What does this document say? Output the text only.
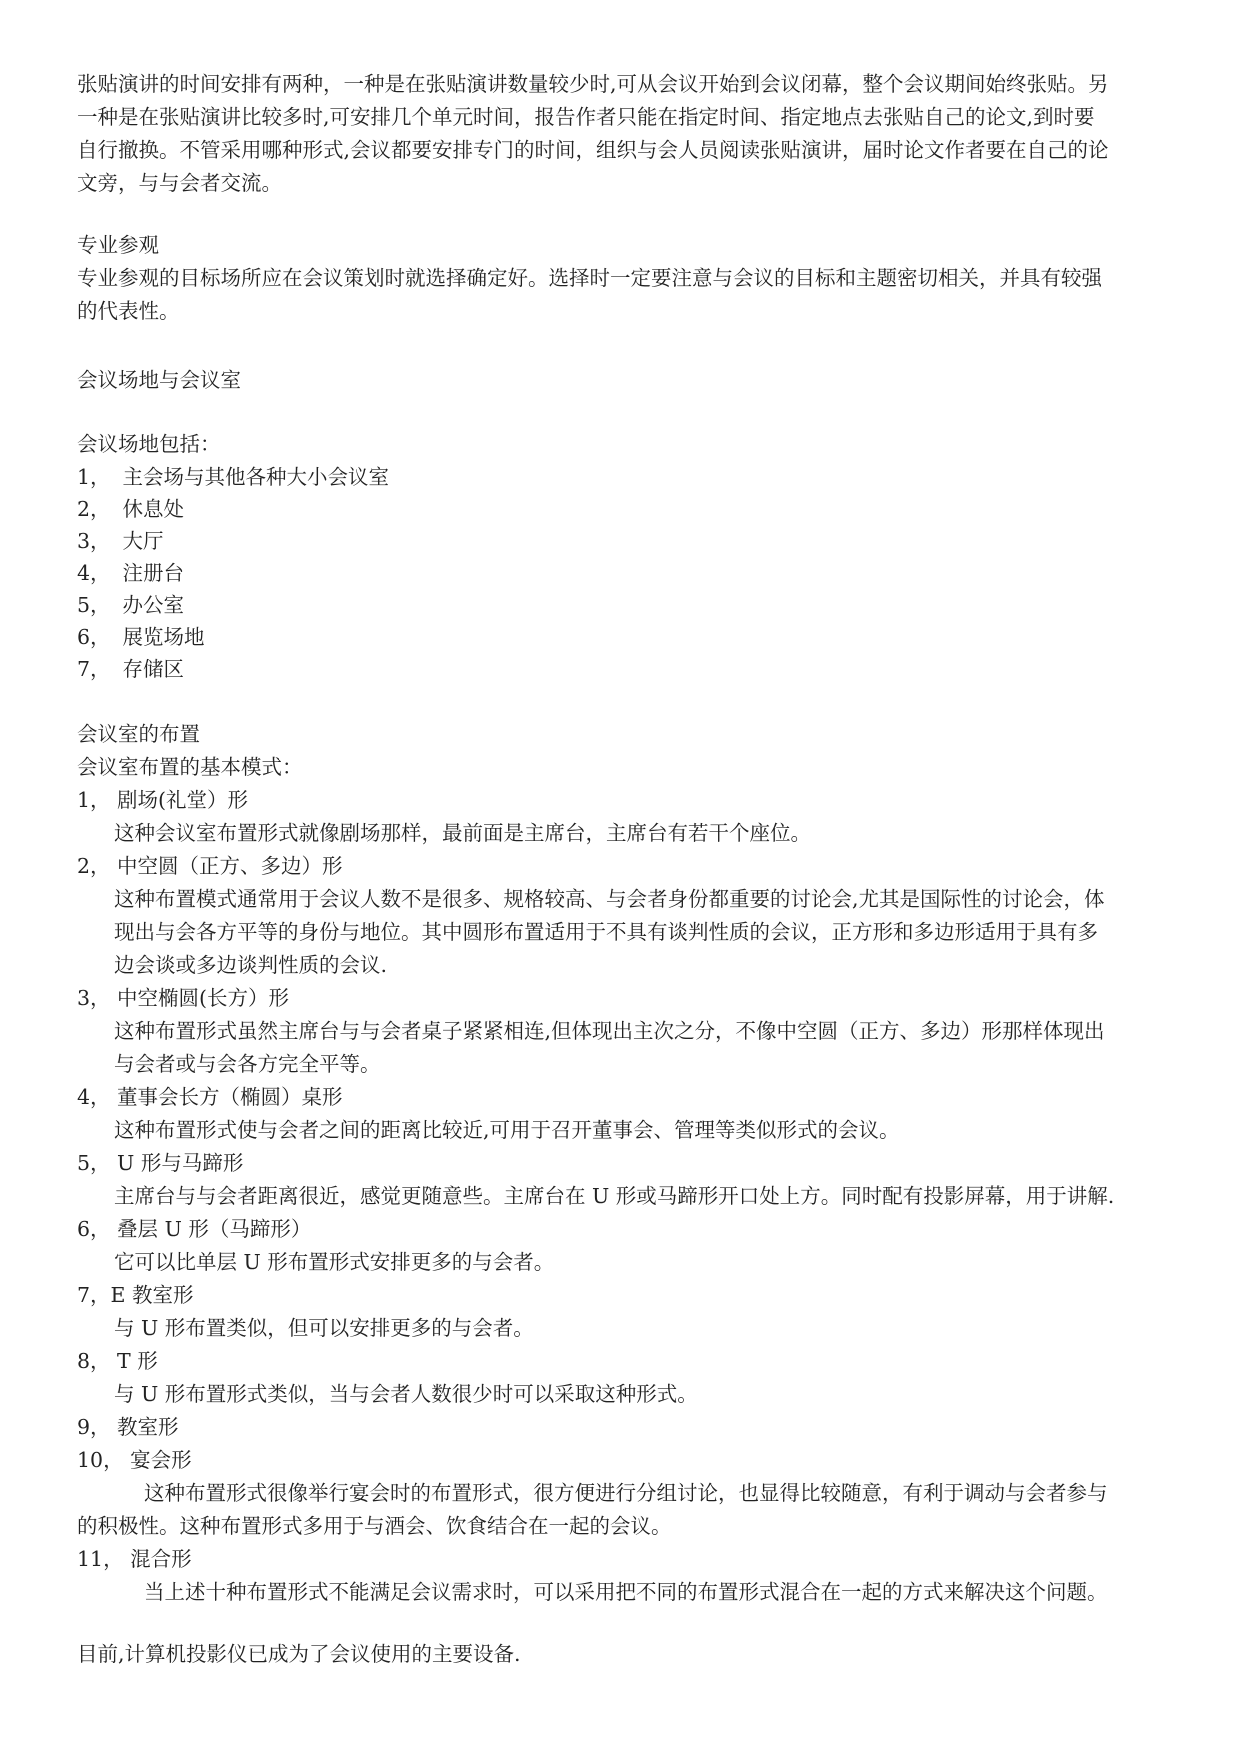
张贴演讲的时间安排有两种，一种是在张贴演讲数量较少时,可从会议开始到会议闭幕，整个会议期间始终张贴。另
一种是在张贴演讲比较多时,可安排几个单元时间，报告作者只能在指定时间、指定地点去张贴自己的论文,到时要
自行撤换。不管采用哪种形式,会议都要安排专门的时间，组织与会人员阅读张贴演讲，届时论文作者要在自己的论
文旁，与与会者交流。
专业参观
专业参观的目标场所应在会议策划时就选择确定好。选择时一定要注意与会议的目标和主题密切相关，并具有较强
的代表性。
会议场地与会议室
会议场地包括：
1， 主会场与其他各种大小会议室
2， 休息处
3， 大厅
4， 注册台
5， 办公室
6， 展览场地
7， 存储区
会议室的布置
会议室布置的基本模式：
1， 剧场(礼堂）形
这种会议室布置形式就像剧场那样，最前面是主席台，主席台有若干个座位。
2， 中空圆（正方、多边）形
这种布置模式通常用于会议人数不是很多、规格较高、与会者身份都重要的讨论会,尤其是国际性的讨论会，体
现出与会各方平等的身份与地位。其中圆形布置适用于不具有谈判性质的会议，正方形和多边形适用于具有多
边会谈或多边谈判性质的会议.
3， 中空椭圆(长方）形
这种布置形式虽然主席台与与会者桌子紧紧相连,但体现出主次之分，不像中空圆（正方、多边）形那样体现出
与会者或与会各方完全平等。
4， 董事会长方（椭圆）桌形
这种布置形式使与会者之间的距离比较近,可用于召开董事会、管理等类似形式的会议。
5， U 形与马蹄形
主席台与与会者距离很近，感觉更随意些。主席台在 U 形或马蹄形开口处上方。同时配有投影屏幕，用于讲解.
6， 叠层 U 形（马蹄形）
它可以比单层 U 形布置形式安排更多的与会者。
7，E 教室形
与 U 形布置类似，但可以安排更多的与会者。
8， T 形
与 U 形布置形式类似，当与会者人数很少时可以采取这种形式。
9， 教室形
10， 宴会形
这种布置形式很像举行宴会时的布置形式，很方便进行分组讨论，也显得比较随意，有利于调动与会者参与
的积极性。这种布置形式多用于与酒会、饮食结合在一起的会议。
11， 混合形
当上述十种布置形式不能满足会议需求时，可以采用把不同的布置形式混合在一起的方式来解决这个问题。
目前,计算机投影仪已成为了会议使用的主要设备.
